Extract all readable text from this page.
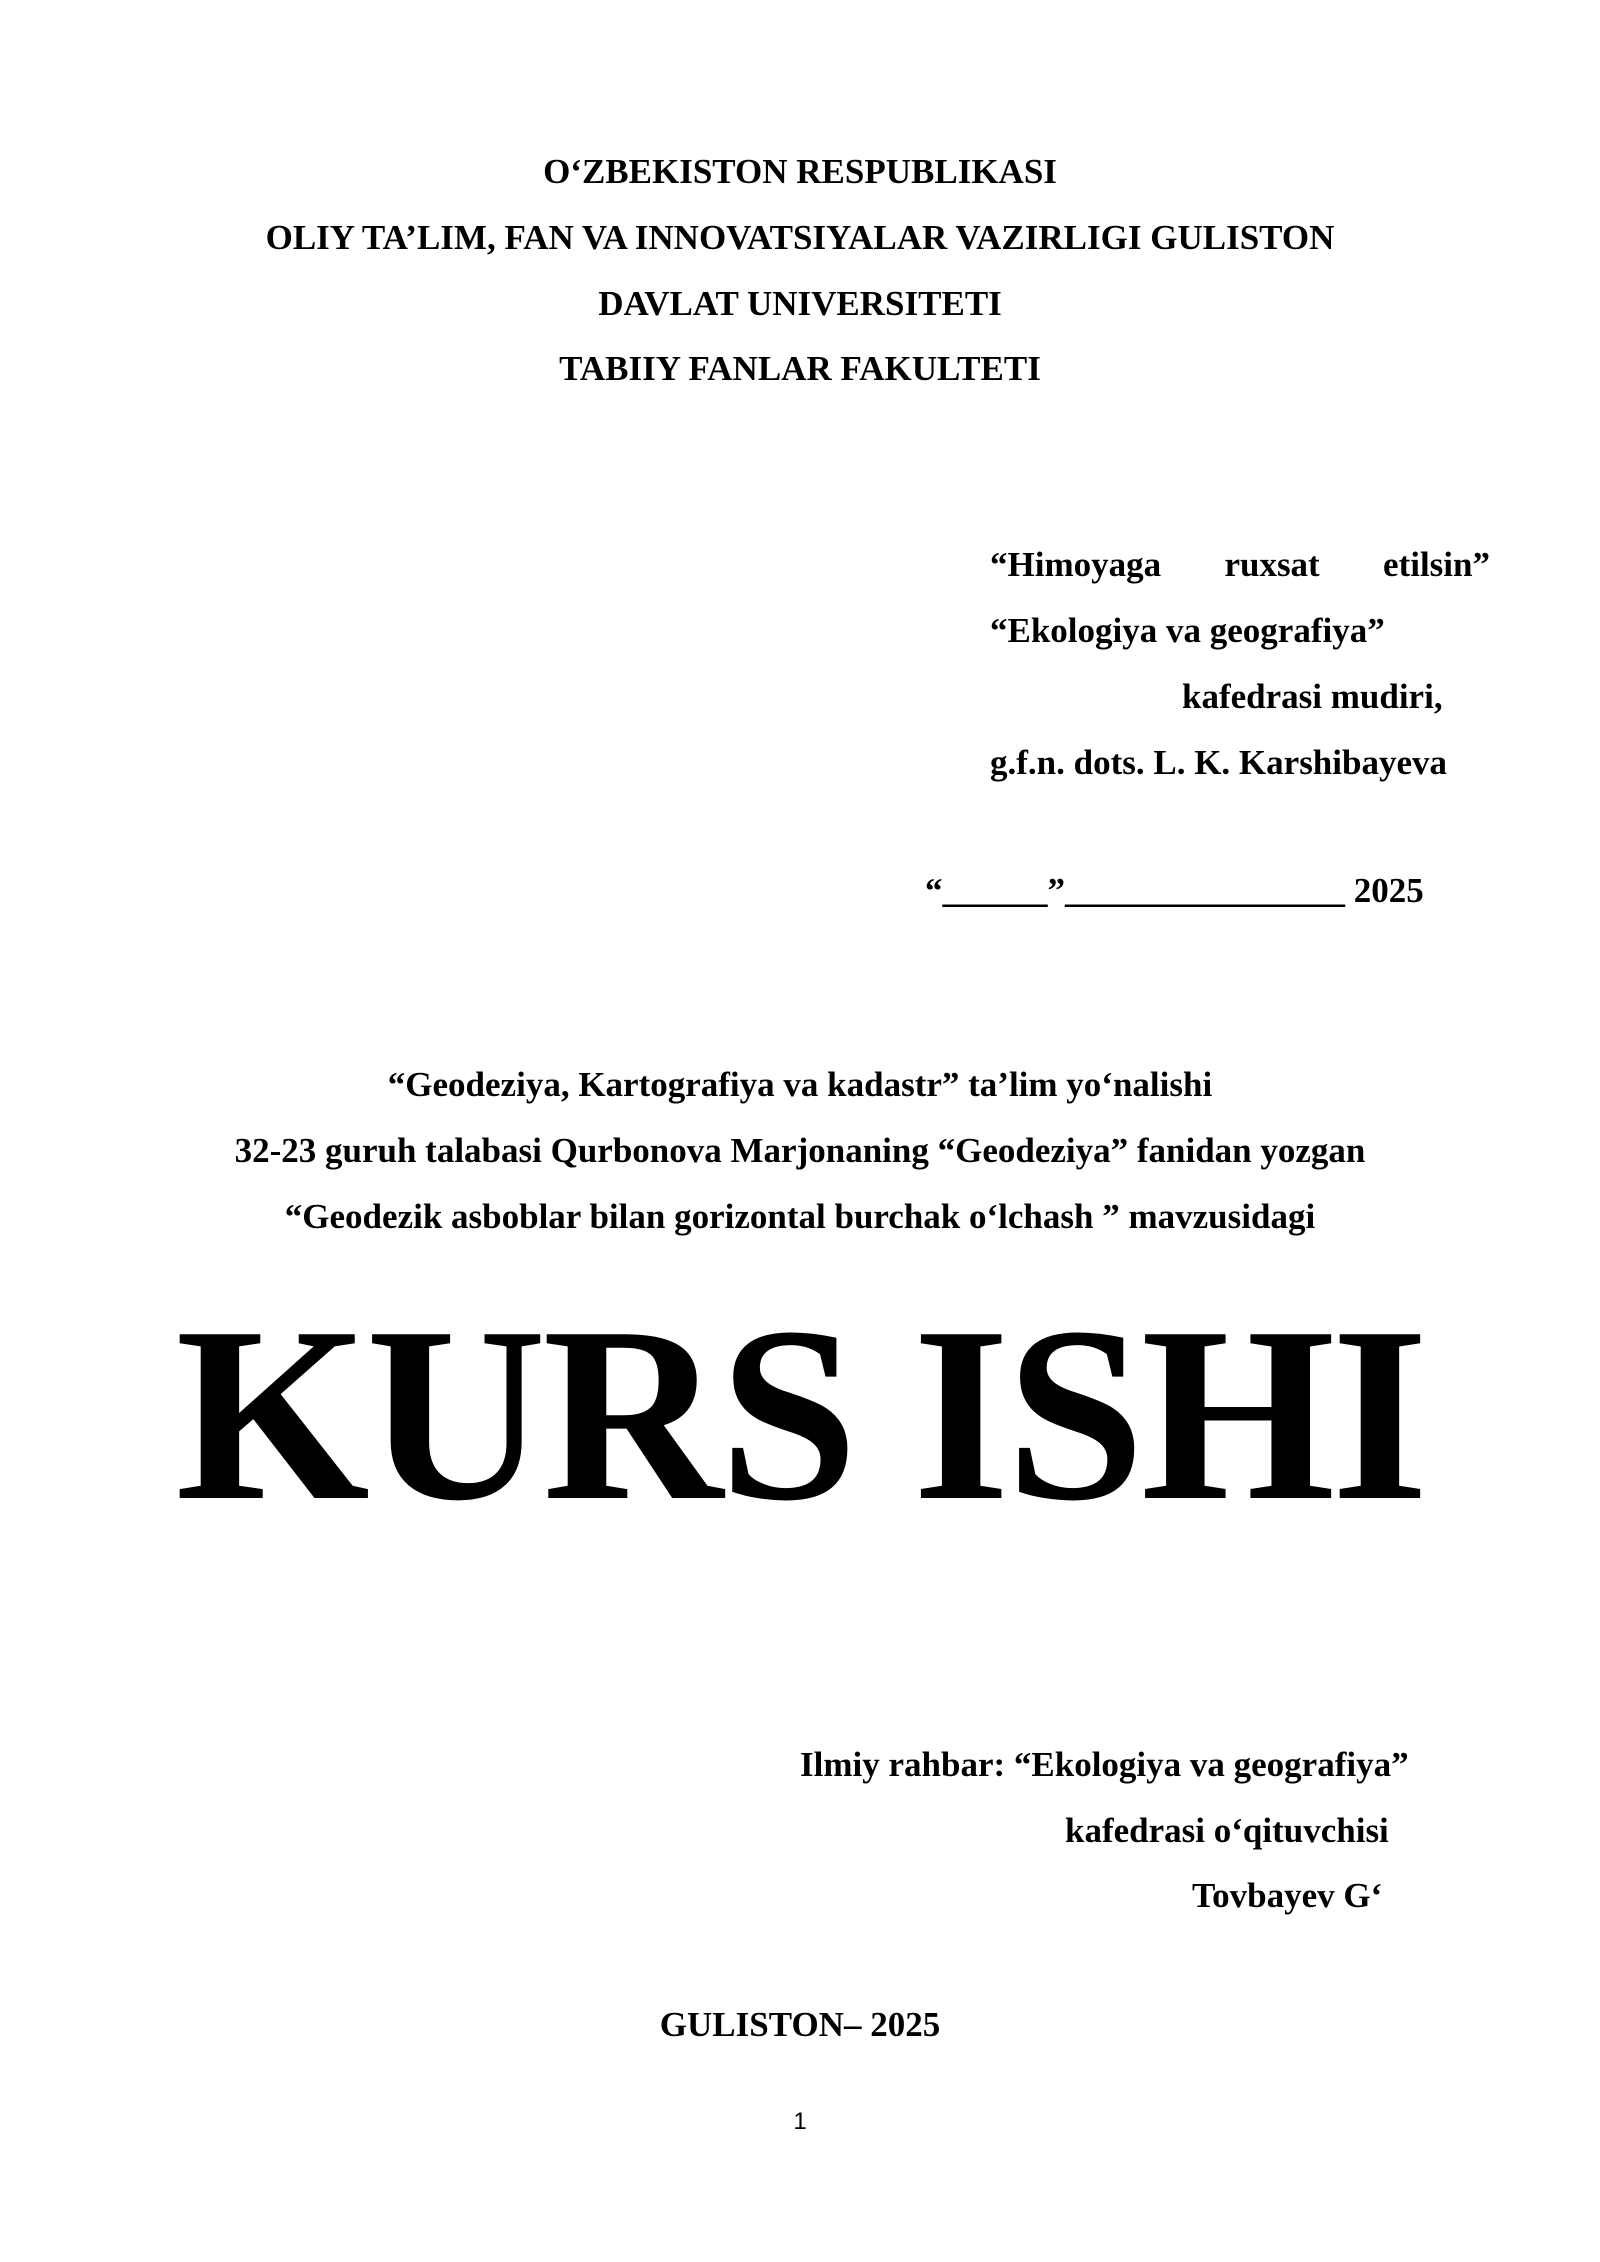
O‘ZBEKISTON RESPUBLIKASI
OLIY TA’LIM, FAN VA INNOVATSIYALAR VAZIRLIGI GULISTON
DAVLAT UNIVERSITETI
TABIIY FANLAR FAKULTETI
“Himoyaga ruxsat etilsin”
“Ekologiya va geografiya”
kafedrasi mudiri,
g.f.n. dots. L. K. Karshibayeva
“______”________________ 2025
“Geodeziya, Kartografiya va kadastr” ta’lim yo‘nalishi
32-23 guruh talabasi Qurbonova Marjonaning “Geodeziya” fanidan yozgan
“Geodezik asboblar bilan gorizontal burchak o‘lchash ” mavzusidagi
KURS ISHI
Ilmiy rahbar: “Ekologiya va geografiya”
kafedrasi o‘qituvchisi
Tovbayev G‘
GULISTON– 2025
1
